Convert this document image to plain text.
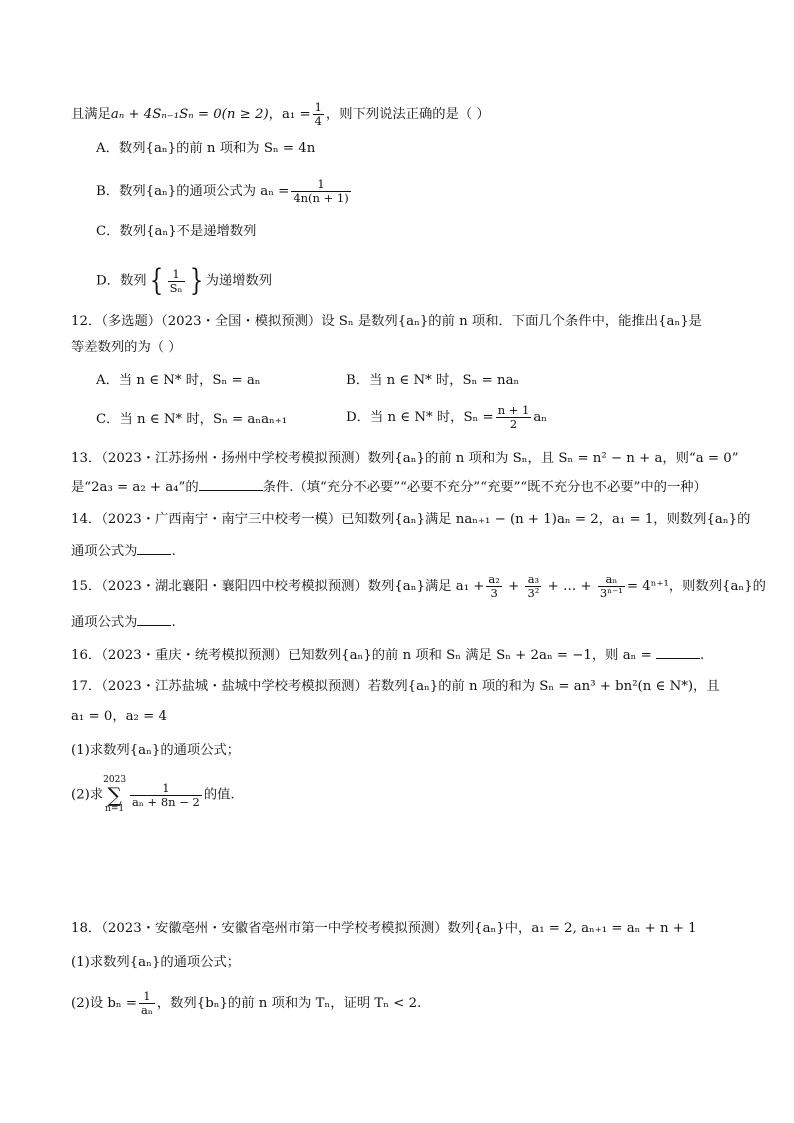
且满足aₙ + 4Sₙ₋₁Sₙ = 0(n ≥ 2)，$a_1 = \frac{1}{4}$ ，则下列说法正确的是（ ）
A．数列{aₙ}的前 n 项和为 Sₙ = 4n
B．数列{aₙ}的通项公式为 $a_n = \frac{1}{4n(n + 1)}$
C．数列{aₙ}不是递增数列
D．数列{ $\frac{1}{\text{Sₙ}}$ } 为递增数列
12．（多选题）（2023・全国・模拟预测）设 Sₙ 是数列{aₙ}的前 n 项和．下面几个条件中，能推出{aₙ}是
等差数列的为（ ）
A．当 n ∈ N* 时，Sₙ = aₙ	B．当 n ∈ N* 时，Sₙ = naₙ
C．当 n ∈ N* 时，Sₙ = aₙaₙ₊₁	D．当 n ∈ N* 时，$S_n = \frac{n + 1}{2}$ aₙ
13．（2023・江苏扬州・扬州中学校考模拟预测）数列{aₙ}的前 n 项和为 Sₙ，且 Sₙ = n² − n + a，则“a = 0”
是“2a₃ = a₂ + a₄”的	条件.（填“充分不必要”“必要不充分”“充要”“既不充分也不必要”中的一种）
14．（2023・广西南宁・南宁三中校考一模）已知数列{aₙ}满足 naₙ₊₁ − (n + 1)aₙ = 2，a₁ = 1，则数列{aₙ}的
通项公式为	.
15．（2023・湖北襄阳・襄阳四中校考模拟预测）数列{aₙ}满足 $a_1 + \frac{\text{a₂}}{3} + \frac{\text{a₃}}{\text{3²}}$ + … + $\frac{\text{aₙ}}{\text{3ⁿ⁻¹}} = 4^{n+1}$，则数列{aₙ}的
通项公式为	.
16．（2023・重庆・统考模拟预测）已知数列{aₙ}的前 n 项和 Sₙ 满足 Sₙ + 2aₙ = −1，则 aₙ =	.
17．（2023・江苏盐城・盐城中学校考模拟预测）若数列{aₙ}的前 n 项的和为 Sₙ = an³ + bn²(n ∈ N*)，且
a₁ = 0，a₂ = 4
(1)求数列{aₙ}的通项公式；
(2)求2023
∑
n=1
$\frac{1}{\text{aₙ + 8n − 2}}$ 的值.
18．（2023・安徽亳州・安徽省亳州市第一中学校考模拟预测）数列{aₙ}中，a₁ = 2, aₙ₊₁ = aₙ + n + 1
(1)求数列{aₙ}的通项公式；
(2)设 $b_n = \frac{1}{\text{aₙ}}$ ，数列{bₙ}的前 n 项和为 Tₙ，证明 Tₙ < 2.
